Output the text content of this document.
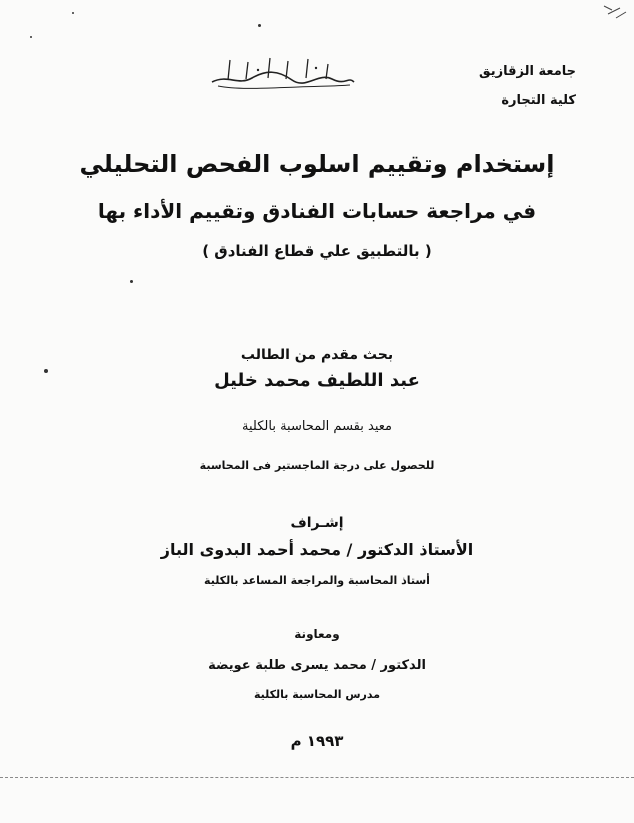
جامعة الزقازيق
كلية التجارة
إستخدام وتقييم اسلوب الفحص التحليلي
في مراجعة حسابات الفنادق وتقييم الأداء بها
( بالتطبيق علي قطاع الفنادق )
بحث مقدم من الطالب
عبد اللطيف محمد خليل
معيد بقسم المحاسبة بالكلية
للحصول على درجة الماجستير فى المحاسبة
إشـراف
الأستاذ الدكتور / محمد أحمد البدوى الباز
أستاذ المحاسبة والمراجعة المساعد بالكلية
ومعاونة
الدكتور / محمد يسرى طلبة عويضة
مدرس المحاسبة بالكلية
١٩٩٣ م
